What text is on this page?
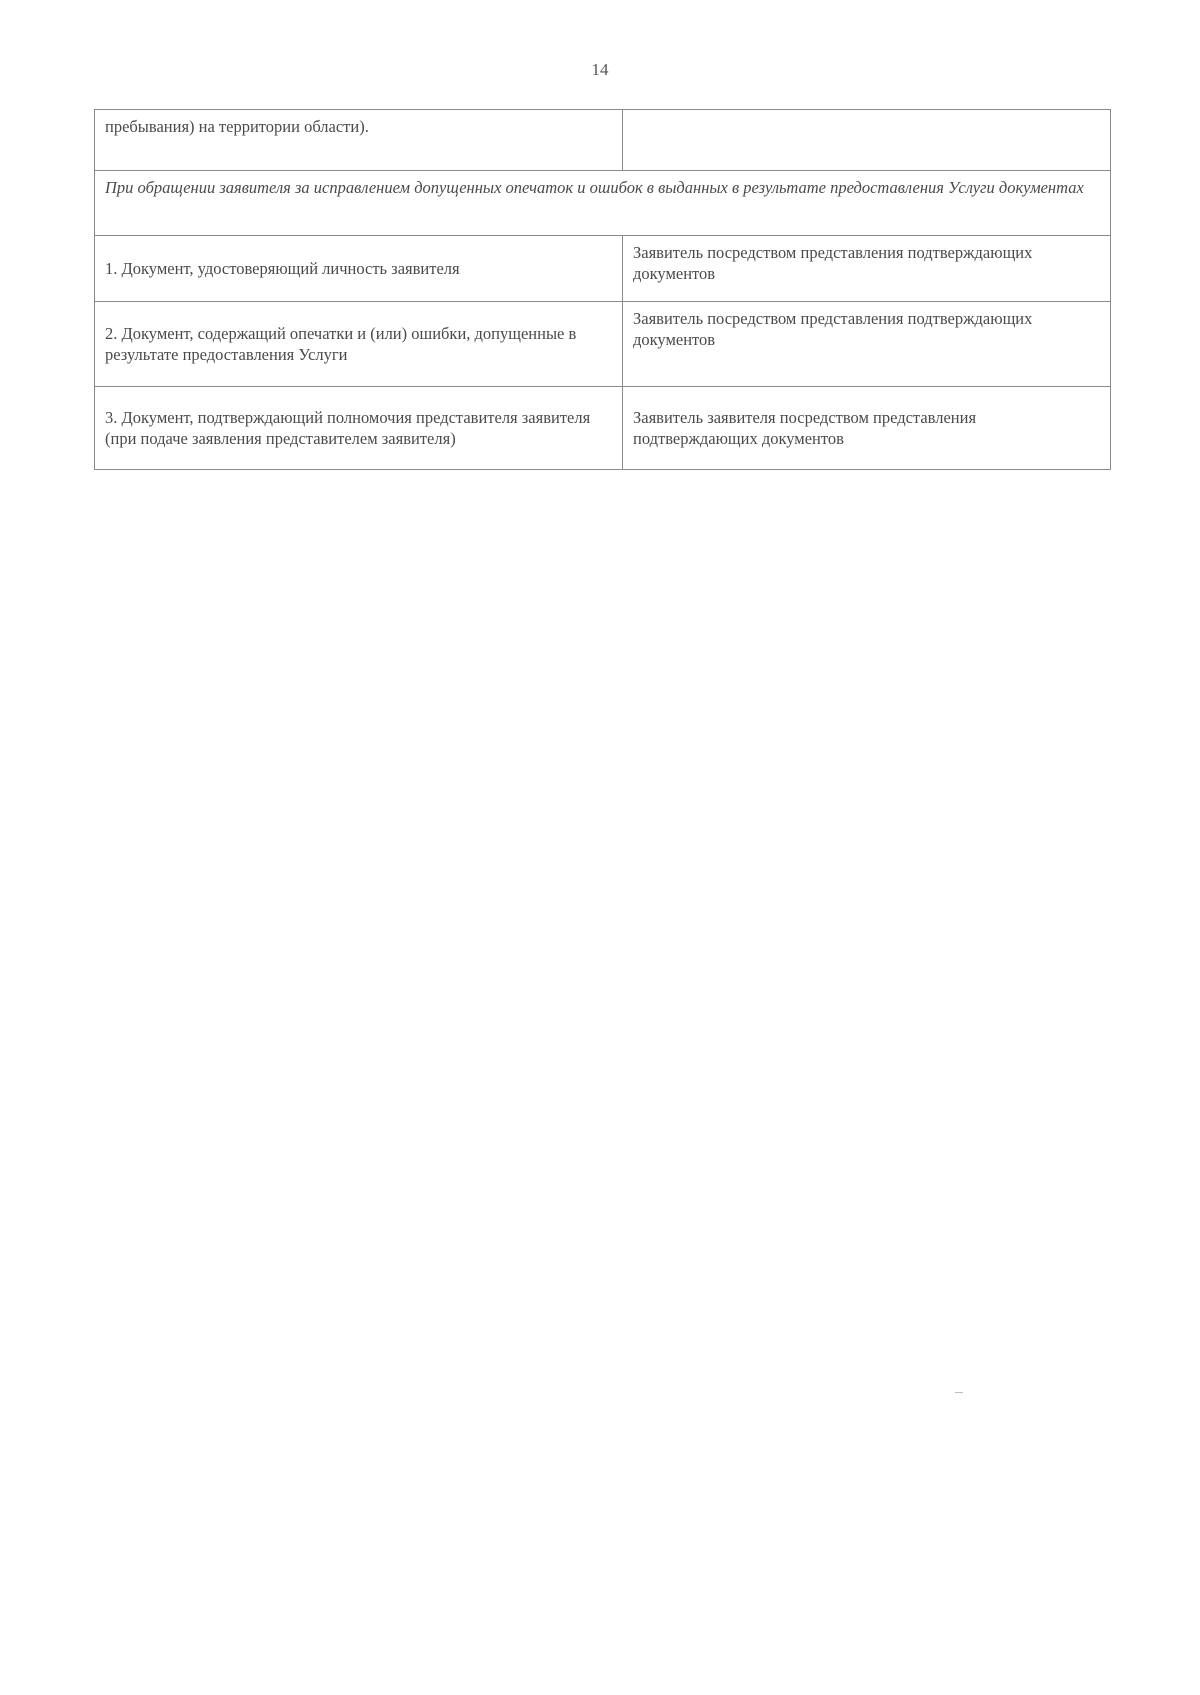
14
пребывания) на территории области).	
При обращении заявителя за исправлением допущенных опечаток и ошибок в выданных в результате предоставления Услуги документах	
1. Документ, удостоверяющий личность заявителя	Заявитель посредством представления подтверждающих документов
2. Документ, содержащий опечатки и (или) ошибки, допущенные в результате предоставления Услуги	Заявитель посредством представления подтверждающих документов
3. Документ, подтверждающий полномочия представителя заявителя (при подаче заявления представителем заявителя)	Заявитель заявителя посредством представления подтверждающих документов
